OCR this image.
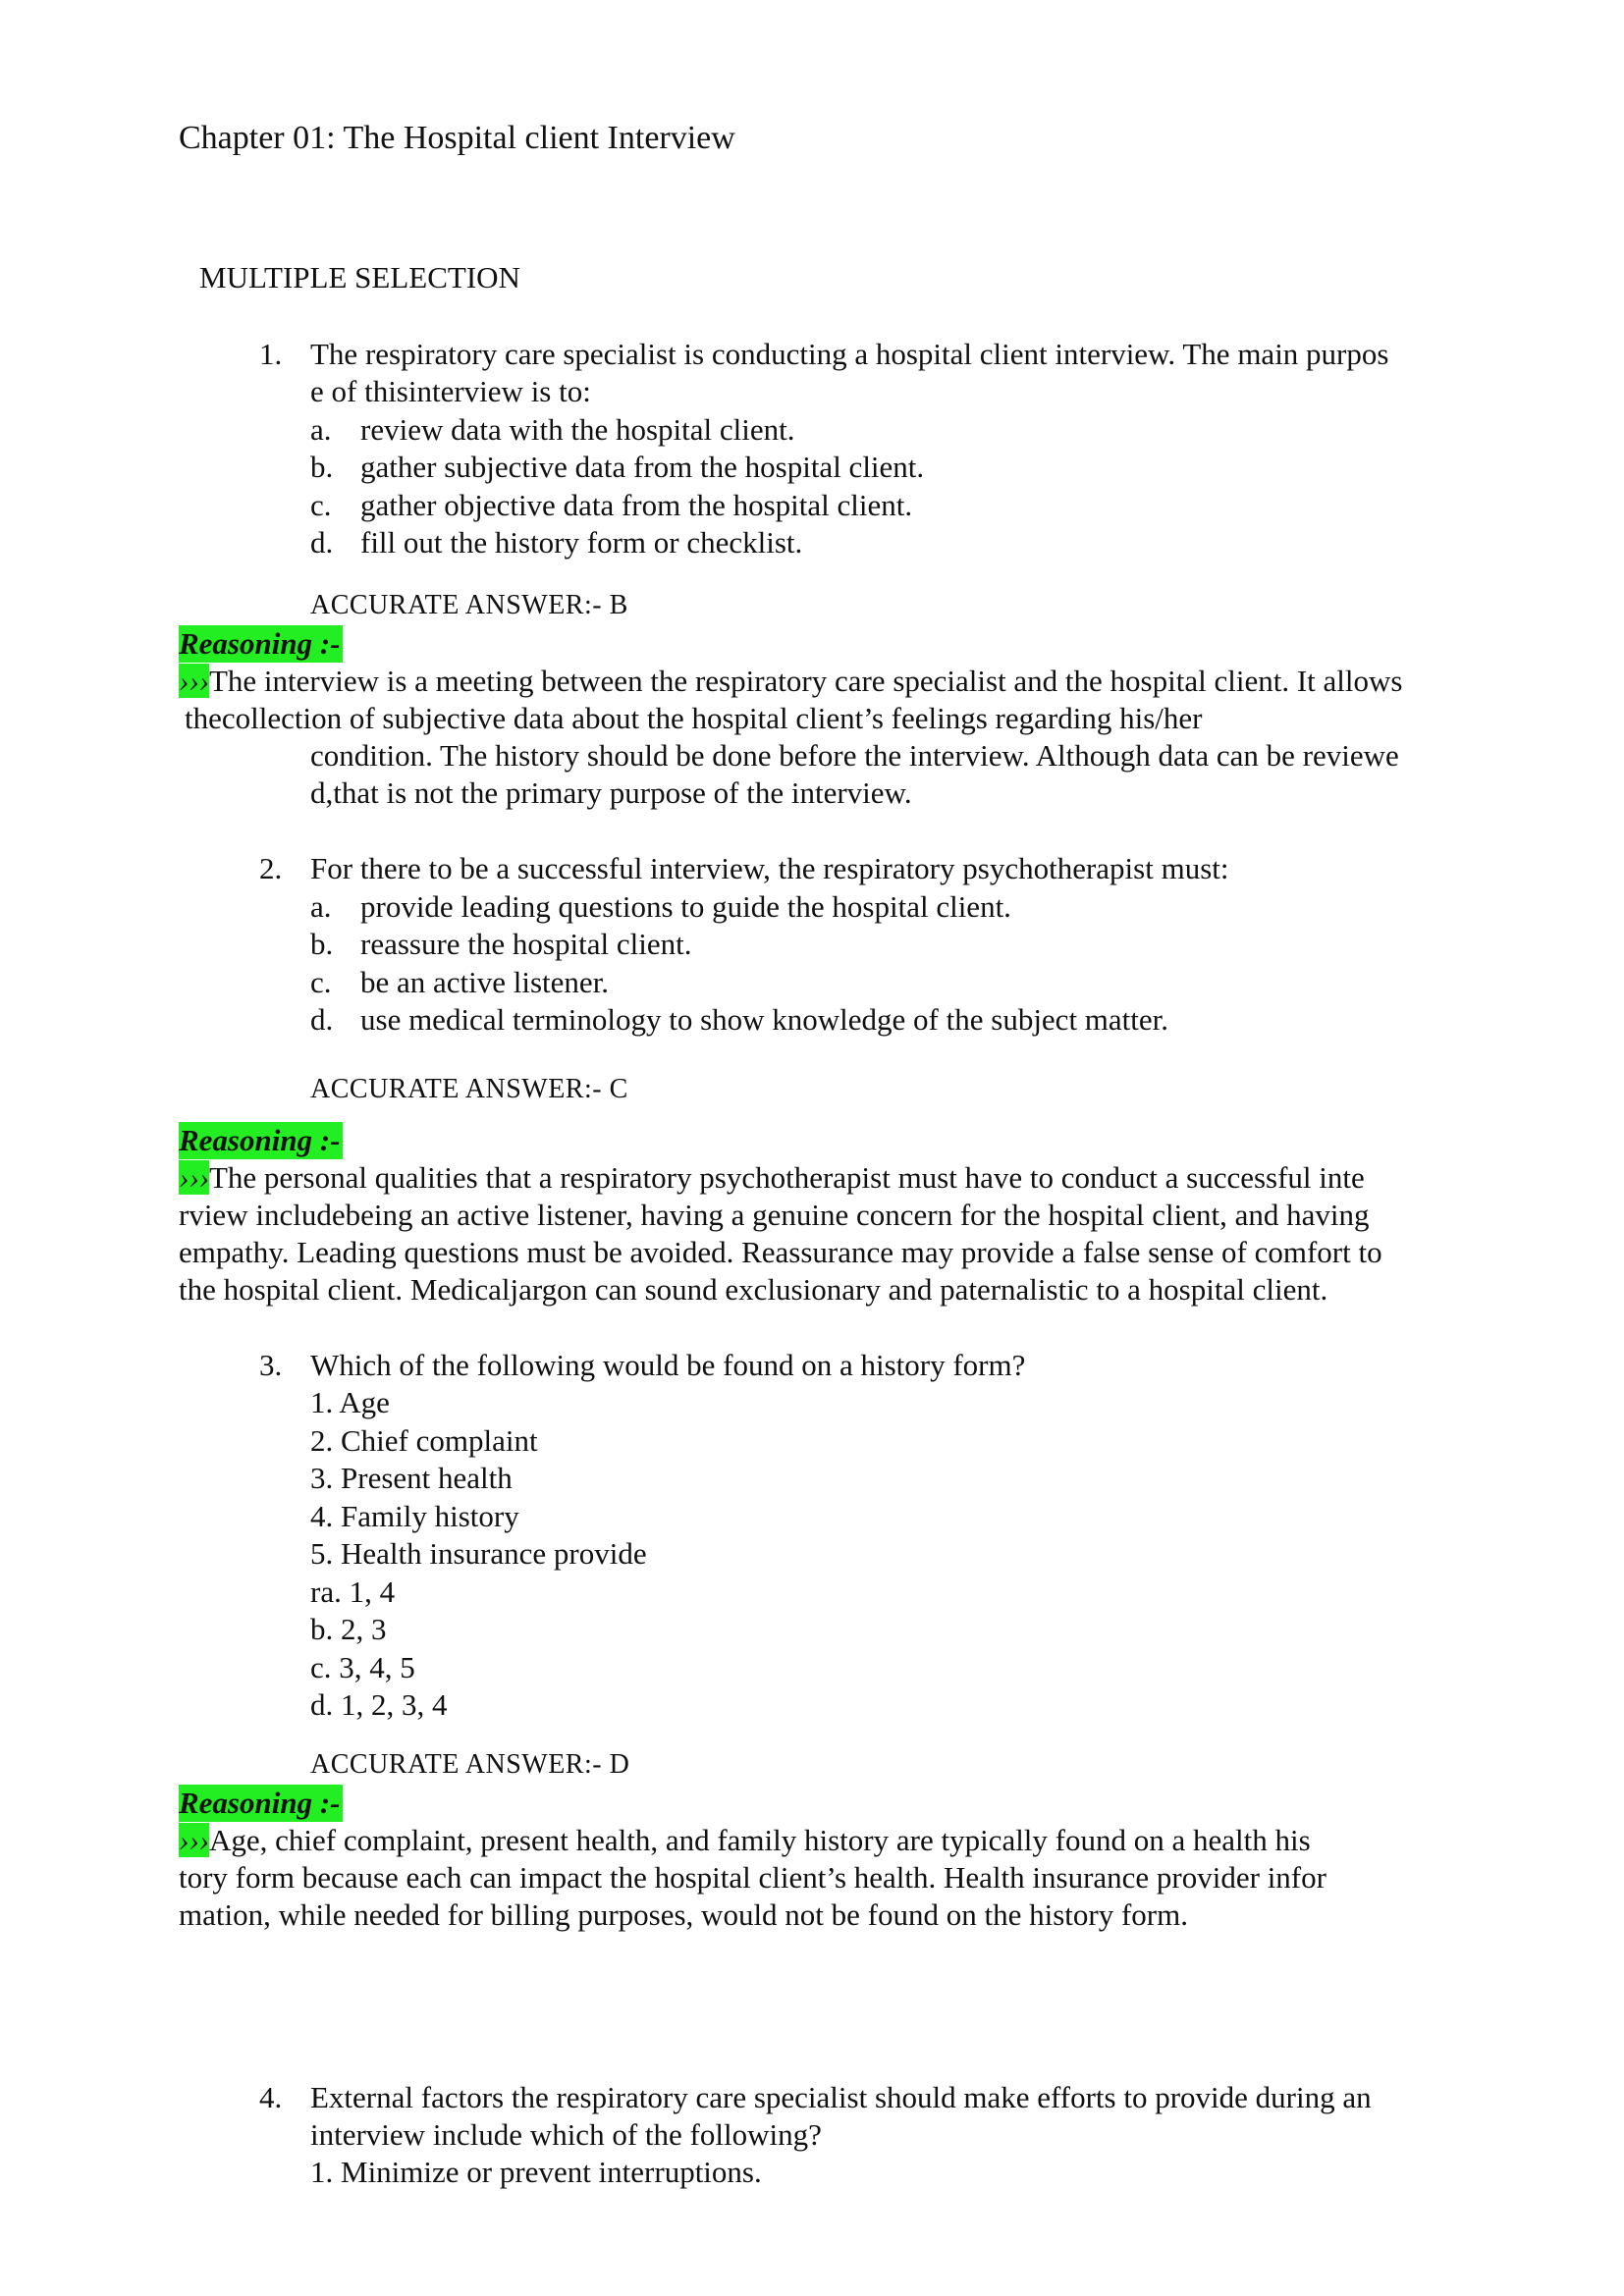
Chapter 01: The Hospital client Interview
MULTIPLE SELECTION
1. The respiratory care specialist is conducting a hospital client interview. The main purpos
e of thisinterview is to:
a. review data with the hospital client.
b. gather subjective data from the hospital client.
c. gather objective data from the hospital client.
d. fill out the history form or checklist.
ACCURATE ANSWER:- B
Reasoning :-
›››The interview is a meeting between the respiratory care specialist and the hospital client. It allows
thecollection of subjective data about the hospital client’s feelings regarding his/her
condition. The history should be done before the interview. Although data can be reviewe
d,that is not the primary purpose of the interview.
2. For there to be a successful interview, the respiratory psychotherapist must:
a. provide leading questions to guide the hospital client.
b. reassure the hospital client.
c. be an active listener.
d. use medical terminology to show knowledge of the subject matter.
ACCURATE ANSWER:- C
Reasoning :-
›››The personal qualities that a respiratory psychotherapist must have to conduct a successful inte
rview includebeing an active listener, having a genuine concern for the hospital client, and having
empathy. Leading questions must be avoided. Reassurance may provide a false sense of comfort to
the hospital client. Medicaljargon can sound exclusionary and paternalistic to a hospital client.
3. Which of the following would be found on a history form?
1. Age
2. Chief complaint
3. Present health
4. Family history
5. Health insurance provide
ra. 1, 4
b. 2, 3
c. 3, 4, 5
d. 1, 2, 3, 4
ACCURATE ANSWER:- D
Reasoning :-
›››Age, chief complaint, present health, and family history are typically found on a health his
tory form because each can impact the hospital client’s health. Health insurance provider infor
mation, while needed for billing purposes, would not be found on the history form.
4. External factors the respiratory care specialist should make efforts to provide during an
interview include which of the following?
1. Minimize or prevent interruptions.
